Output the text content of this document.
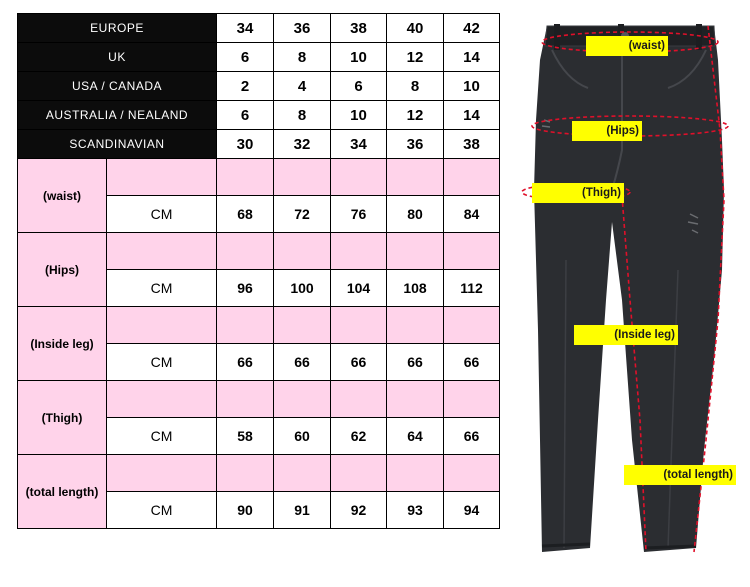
EUROPE		34	36	38	40	42
UK		6	8	10	12	14
USA / CANADA		2	4	6	8	10
AUSTRALIA / NEALAND		6	8	10	12	14
SCANDINAVIAN		30	32	34	36	38
(waist)						
	CM	68	72	76	80	84
(Hips)						
	CM	96	100	104	108	112
(Inside leg)						
	CM	66	66	66	66	66
(Thigh)						
	CM	58	60	62	64	66
(total length)						
	CM	90	91	92	93	94
(waist)
(Hips)
(Thigh)
(Inside leg)
(total length)
